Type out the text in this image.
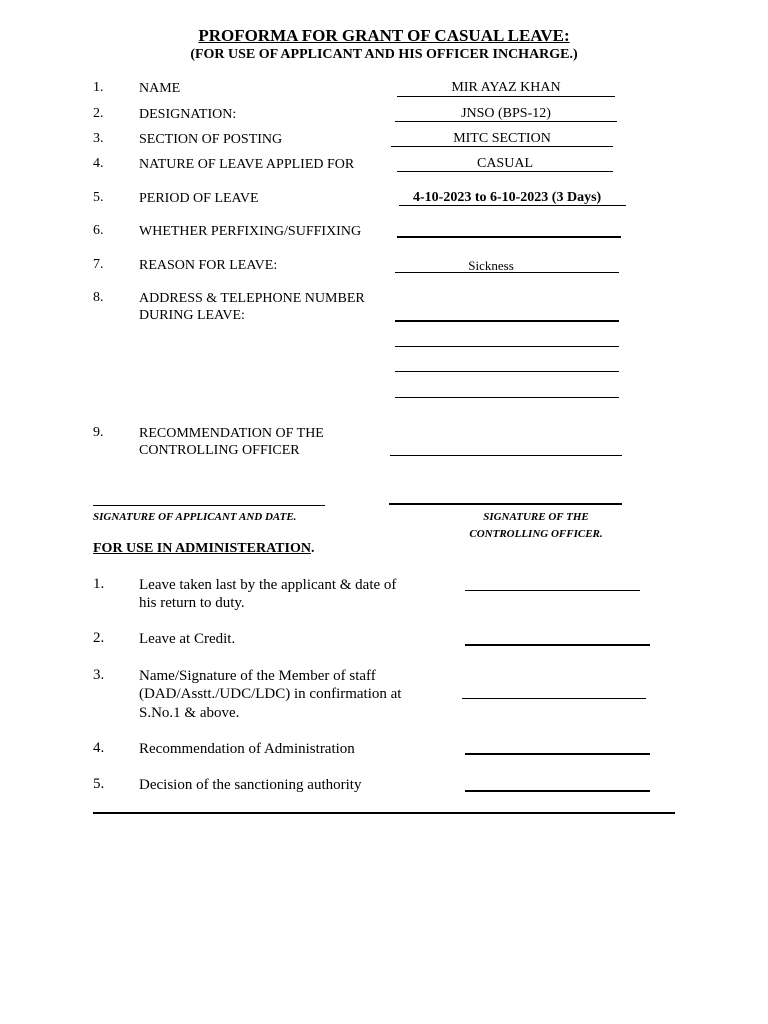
PROFORMA FOR GRANT OF CASUAL LEAVE:
(FOR USE OF APPLICANT AND HIS OFFICER INCHARGE.)
1.	NAME	MIR AYAZ KHAN
2.	DESIGNATION:	JNSO (BPS-12)
3.	SECTION OF POSTING	MITC SECTION
4.	NATURE OF LEAVE APPLIED FOR	CASUAL
5.	PERIOD OF LEAVE	4-10-2023 to 6-10-2023 (3 Days)
6.	WHETHER PERFIXING/SUFFIXING
7.	REASON FOR LEAVE:	Sickness
8.	ADDRESS & TELEPHONE NUMBER
DURING LEAVE:
9.	RECOMMENDATION OF THE
CONTROLLING OFFICER
SIGNATURE OF APPLICANT AND DATE.	SIGNATURE OF THE
CONTROLLING OFFICER.
FOR USE IN ADMINISTERATION.
1. Leave taken last by the applicant & date of
his return to duty.
2. Leave at Credit.
3. Name/Signature of the Member of staff
(DAD/Asstt./UDC/LDC) in confirmation at
S.No.1 & above.
4. Recommendation of Administration
5. Decision of the sanctioning authority
